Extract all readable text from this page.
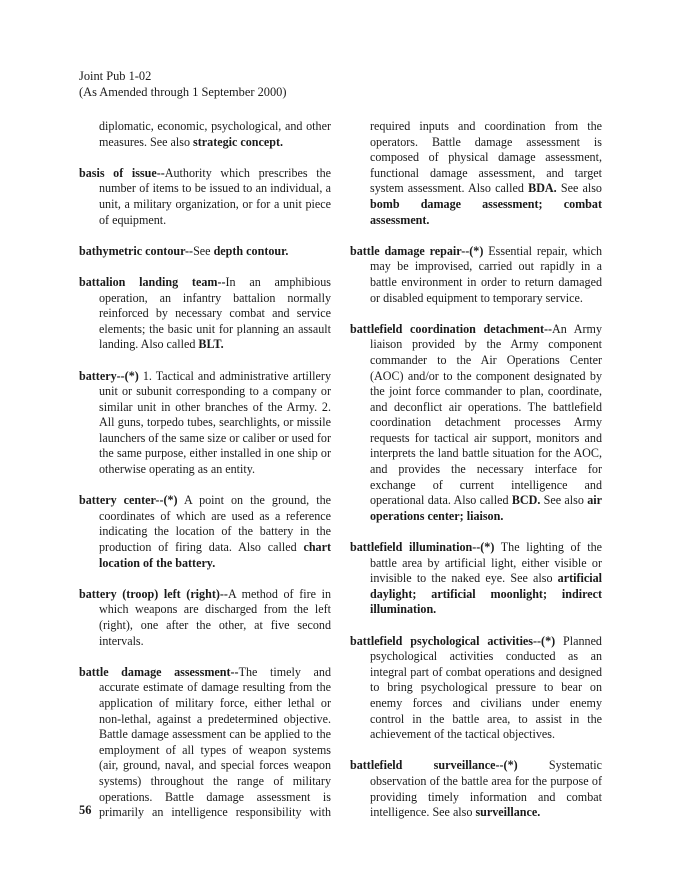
Joint Pub 1-02
(As Amended through 1 September 2000)

diplomatic, economic, psychological, and other measures. See also strategic concept.

basis of issue--Authority which prescribes the number of items to be issued to an individual, a unit, a military organization, or for a unit piece of equipment.

bathymetric contour--See depth contour.

battalion landing team--In an amphibious operation, an infantry battalion normally reinforced by necessary combat and service elements; the basic unit for planning an assault landing. Also called BLT.

battery--(*) 1. Tactical and administrative artillery unit or subunit corresponding to a company or similar unit in other branches of the Army. 2. All guns, torpedo tubes, searchlights, or missile launchers of the same size or caliber or used for the same purpose, either installed in one ship or otherwise operating as an entity.

battery center--(*) A point on the ground, the coordinates of which are used as a reference indicating the location of the battery in the production of firing data. Also called chart location of the battery.

battery (troop) left (right)--A method of fire in which weapons are discharged from the left (right), one after the other, at five second intervals.

battle damage assessment--The timely and accurate estimate of damage resulting from the application of military force, either lethal or non-lethal, against a predetermined objective. Battle damage assessment can be applied to the employment of all types of weapon systems (air, ground, naval, and special forces weapon systems) throughout the range of military operations. Battle damage assessment is primarily an intelligence responsibility with

required inputs and coordination from the operators. Battle damage assessment is composed of physical damage assessment, functional damage assessment, and target system assessment. Also called BDA. See also bomb damage assessment; combat assessment.

battle damage repair--(*) Essential repair, which may be improvised, carried out rapidly in a battle environment in order to return damaged or disabled equipment to temporary service.

battlefield coordination detachment--An Army liaison provided by the Army component commander to the Air Operations Center (AOC) and/or to the component designated by the joint force commander to plan, coordinate, and deconflict air operations. The battlefield coordination detachment processes Army requests for tactical air support, monitors and interprets the land battle situation for the AOC, and provides the necessary interface for exchange of current intelligence and operational data. Also called BCD. See also air operations center; liaison.

battlefield illumination--(*) The lighting of the battle area by artificial light, either visible or invisible to the naked eye. See also artificial daylight; artificial moonlight; indirect illumination.

battlefield psychological activities--(*) Planned psychological activities conducted as an integral part of combat operations and designed to bring psychological pressure to bear on enemy forces and civilians under enemy control in the battle area, to assist in the achievement of the tactical objectives.

battlefield surveillance--(*) Systematic observation of the battle area for the purpose of providing timely information and combat intelligence. See also surveillance.

56
